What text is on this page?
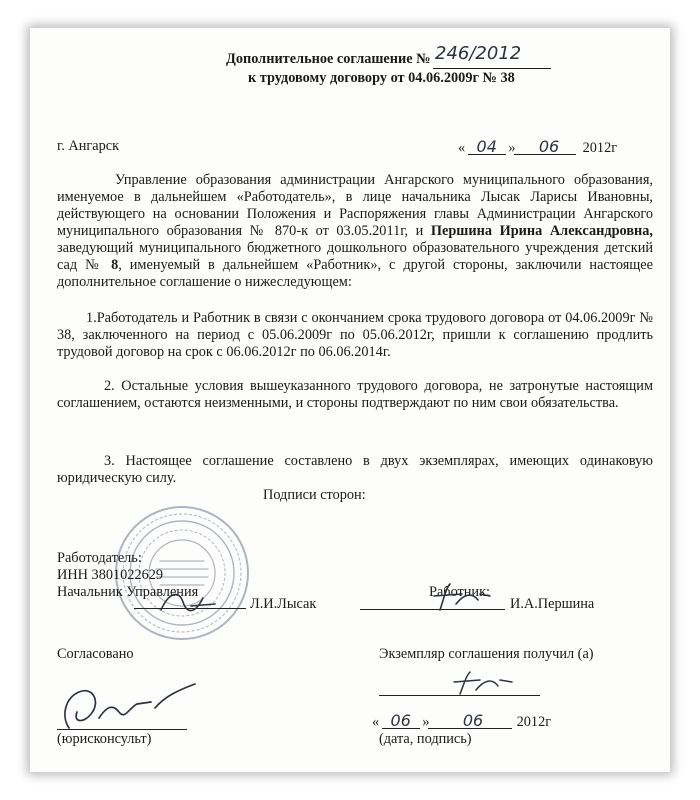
Дополнительное соглашение № 246/2012
к трудовому договору от 04.06.2009г № 38
г. Ангарск	« 04 » 06 2012г

Управление образования администрации Ангарского муниципального образования, именуемое в дальнейшем «Работодатель», в лице начальника Лысак Ларисы Ивановны, действующего на основании Положения и Распоряжения главы Администрации Ангарского муниципального образования № 870-к от 03.05.2011г, и Першина Ирина Александровна, заведующий муниципального бюджетного дошкольного образовательного учреждения детский сад № 8, именуемый в дальнейшем «Работник», с другой стороны, заключили настоящее дополнительное соглашение о нижеследующем:

1.Работодатель и Работник в связи с окончанием срока трудового договора от 04.06.2009г № 38, заключенного на период с 05.06.2009г по 05.06.2012г, пришли к соглашению продлить трудовой договор на срок с 06.06.2012г по 06.06.2014г.

2. Остальные условия вышеуказанного трудового договора, не затронутые настоящим соглашением, остаются неизменными, и стороны подтверждают по ним свои обязательства.

3. Настоящее соглашение составлено в двух экземплярах, имеющих одинаковую юридическую силу.

Подписи сторон:
Работодатель:
ИНН 3801022629
Начальник Управления
Л.И.Лысак
Работник:
И.А.Першина
Согласовано	Экземпляр соглашения получил (а)
(юрисконсульт)
« 06 » 06 2012г
(дата, подпись)
